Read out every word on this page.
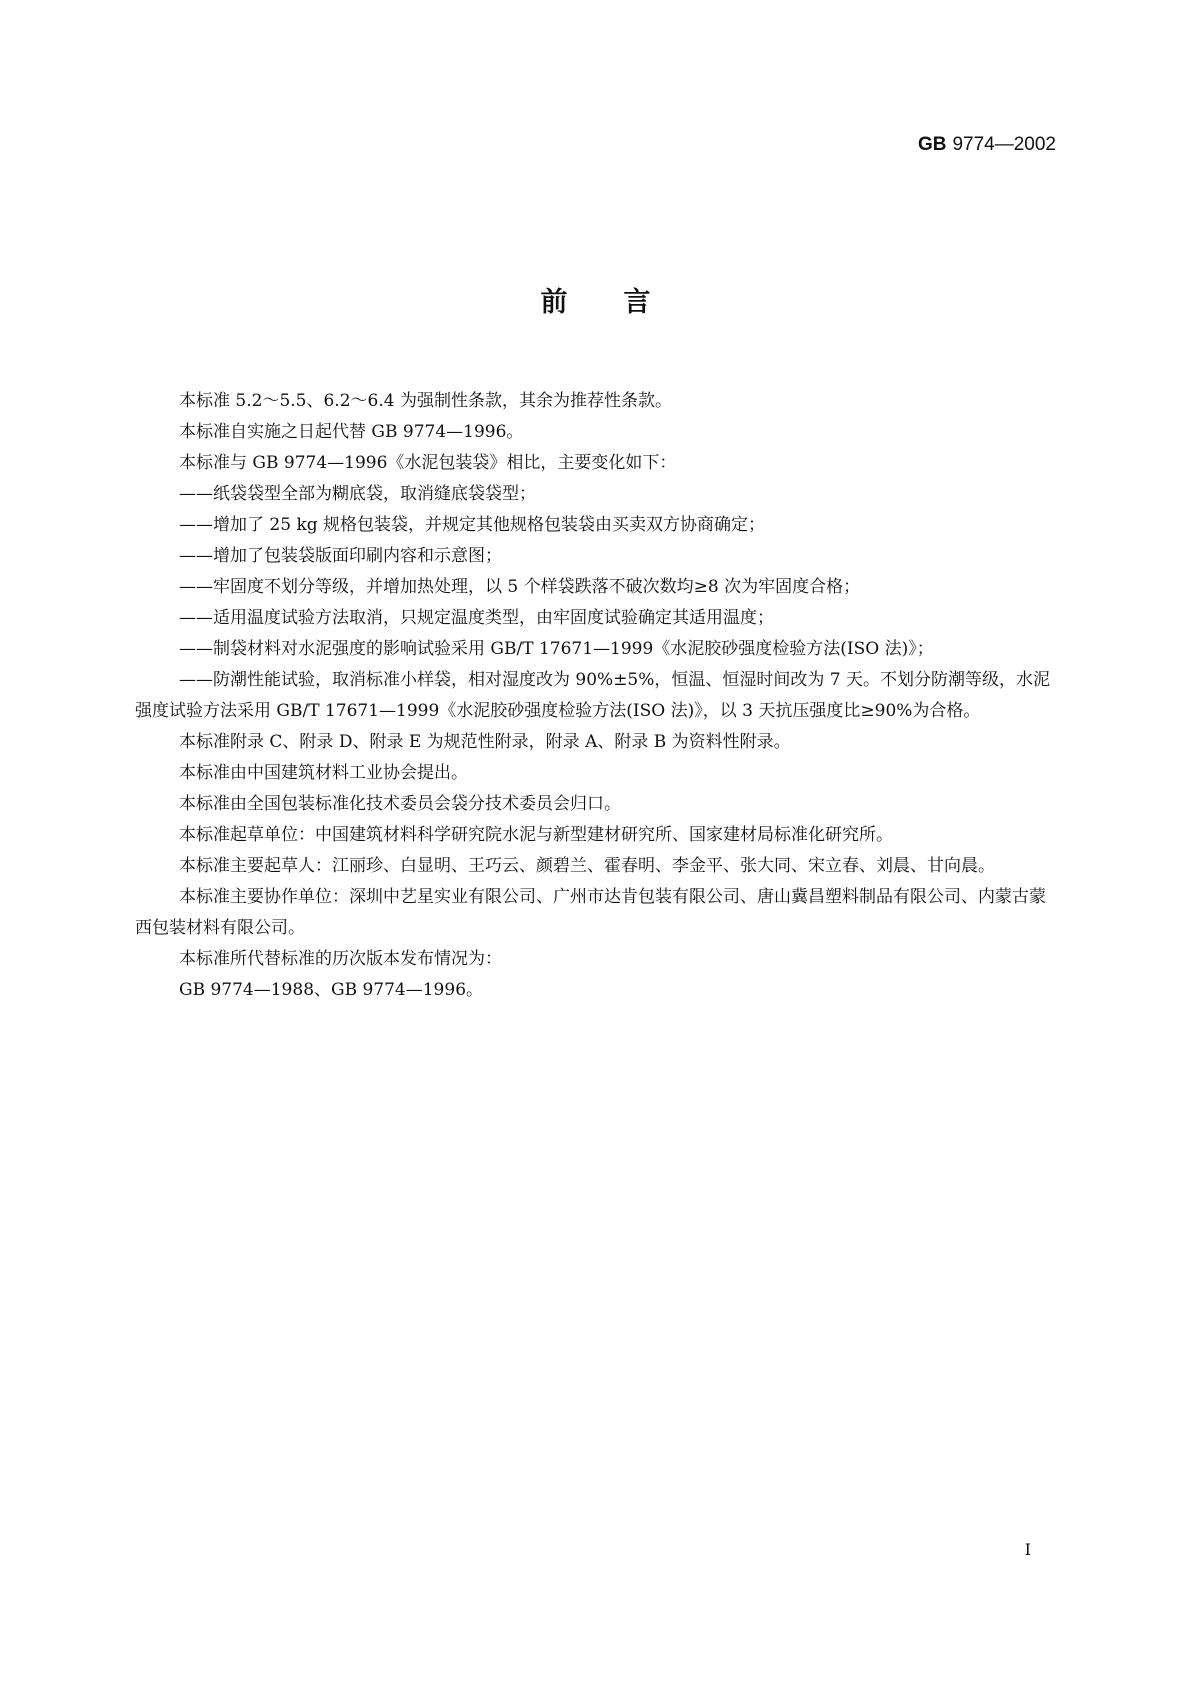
GB 9774—2002
前言

本标准 5.2～5.5、6.2～6.4 为强制性条款，其余为推荐性条款。

本标准自实施之日起代替 GB 9774—1996。

本标准与 GB 9774—1996《水泥包装袋》相比，主要变化如下：

——纸袋袋型全部为糊底袋，取消缝底袋袋型；

——增加了 25 kg 规格包装袋，并规定其他规格包装袋由买卖双方协商确定；

——增加了包装袋版面印刷内容和示意图；

——牢固度不划分等级，并增加热处理，以 5 个样袋跌落不破次数均≥8 次为牢固度合格；

——适用温度试验方法取消，只规定温度类型，由牢固度试验确定其适用温度；

——制袋材料对水泥强度的影响试验采用 GB/T 17671—1999《水泥胶砂强度检验方法(ISO 法)》；

——防潮性能试验，取消标准小样袋，相对湿度改为 90%±5%，恒温、恒湿时间改为 7 天。不划分防潮等级，水泥强度试验方法采用 GB/T 17671—1999《水泥胶砂强度检验方法(ISO 法)》，以 3 天抗压强度比≥90%为合格。

本标准附录 C、附录 D、附录 E 为规范性附录，附录 A、附录 B 为资料性附录。

本标准由中国建筑材料工业协会提出。

本标准由全国包装标准化技术委员会袋分技术委员会归口。

本标准起草单位：中国建筑材料科学研究院水泥与新型建材研究所、国家建材局标准化研究所。

本标准主要起草人：江丽珍、白显明、王巧云、颜碧兰、霍春明、李金平、张大同、宋立春、刘晨、甘向晨。

本标准主要协作单位：深圳中艺星实业有限公司、广州市达肯包装有限公司、唐山冀昌塑料制品有限公司、内蒙古蒙西包装材料有限公司。

本标准所代替标准的历次版本发布情况为：

GB 9774—1988、GB 9774—1996。

I
